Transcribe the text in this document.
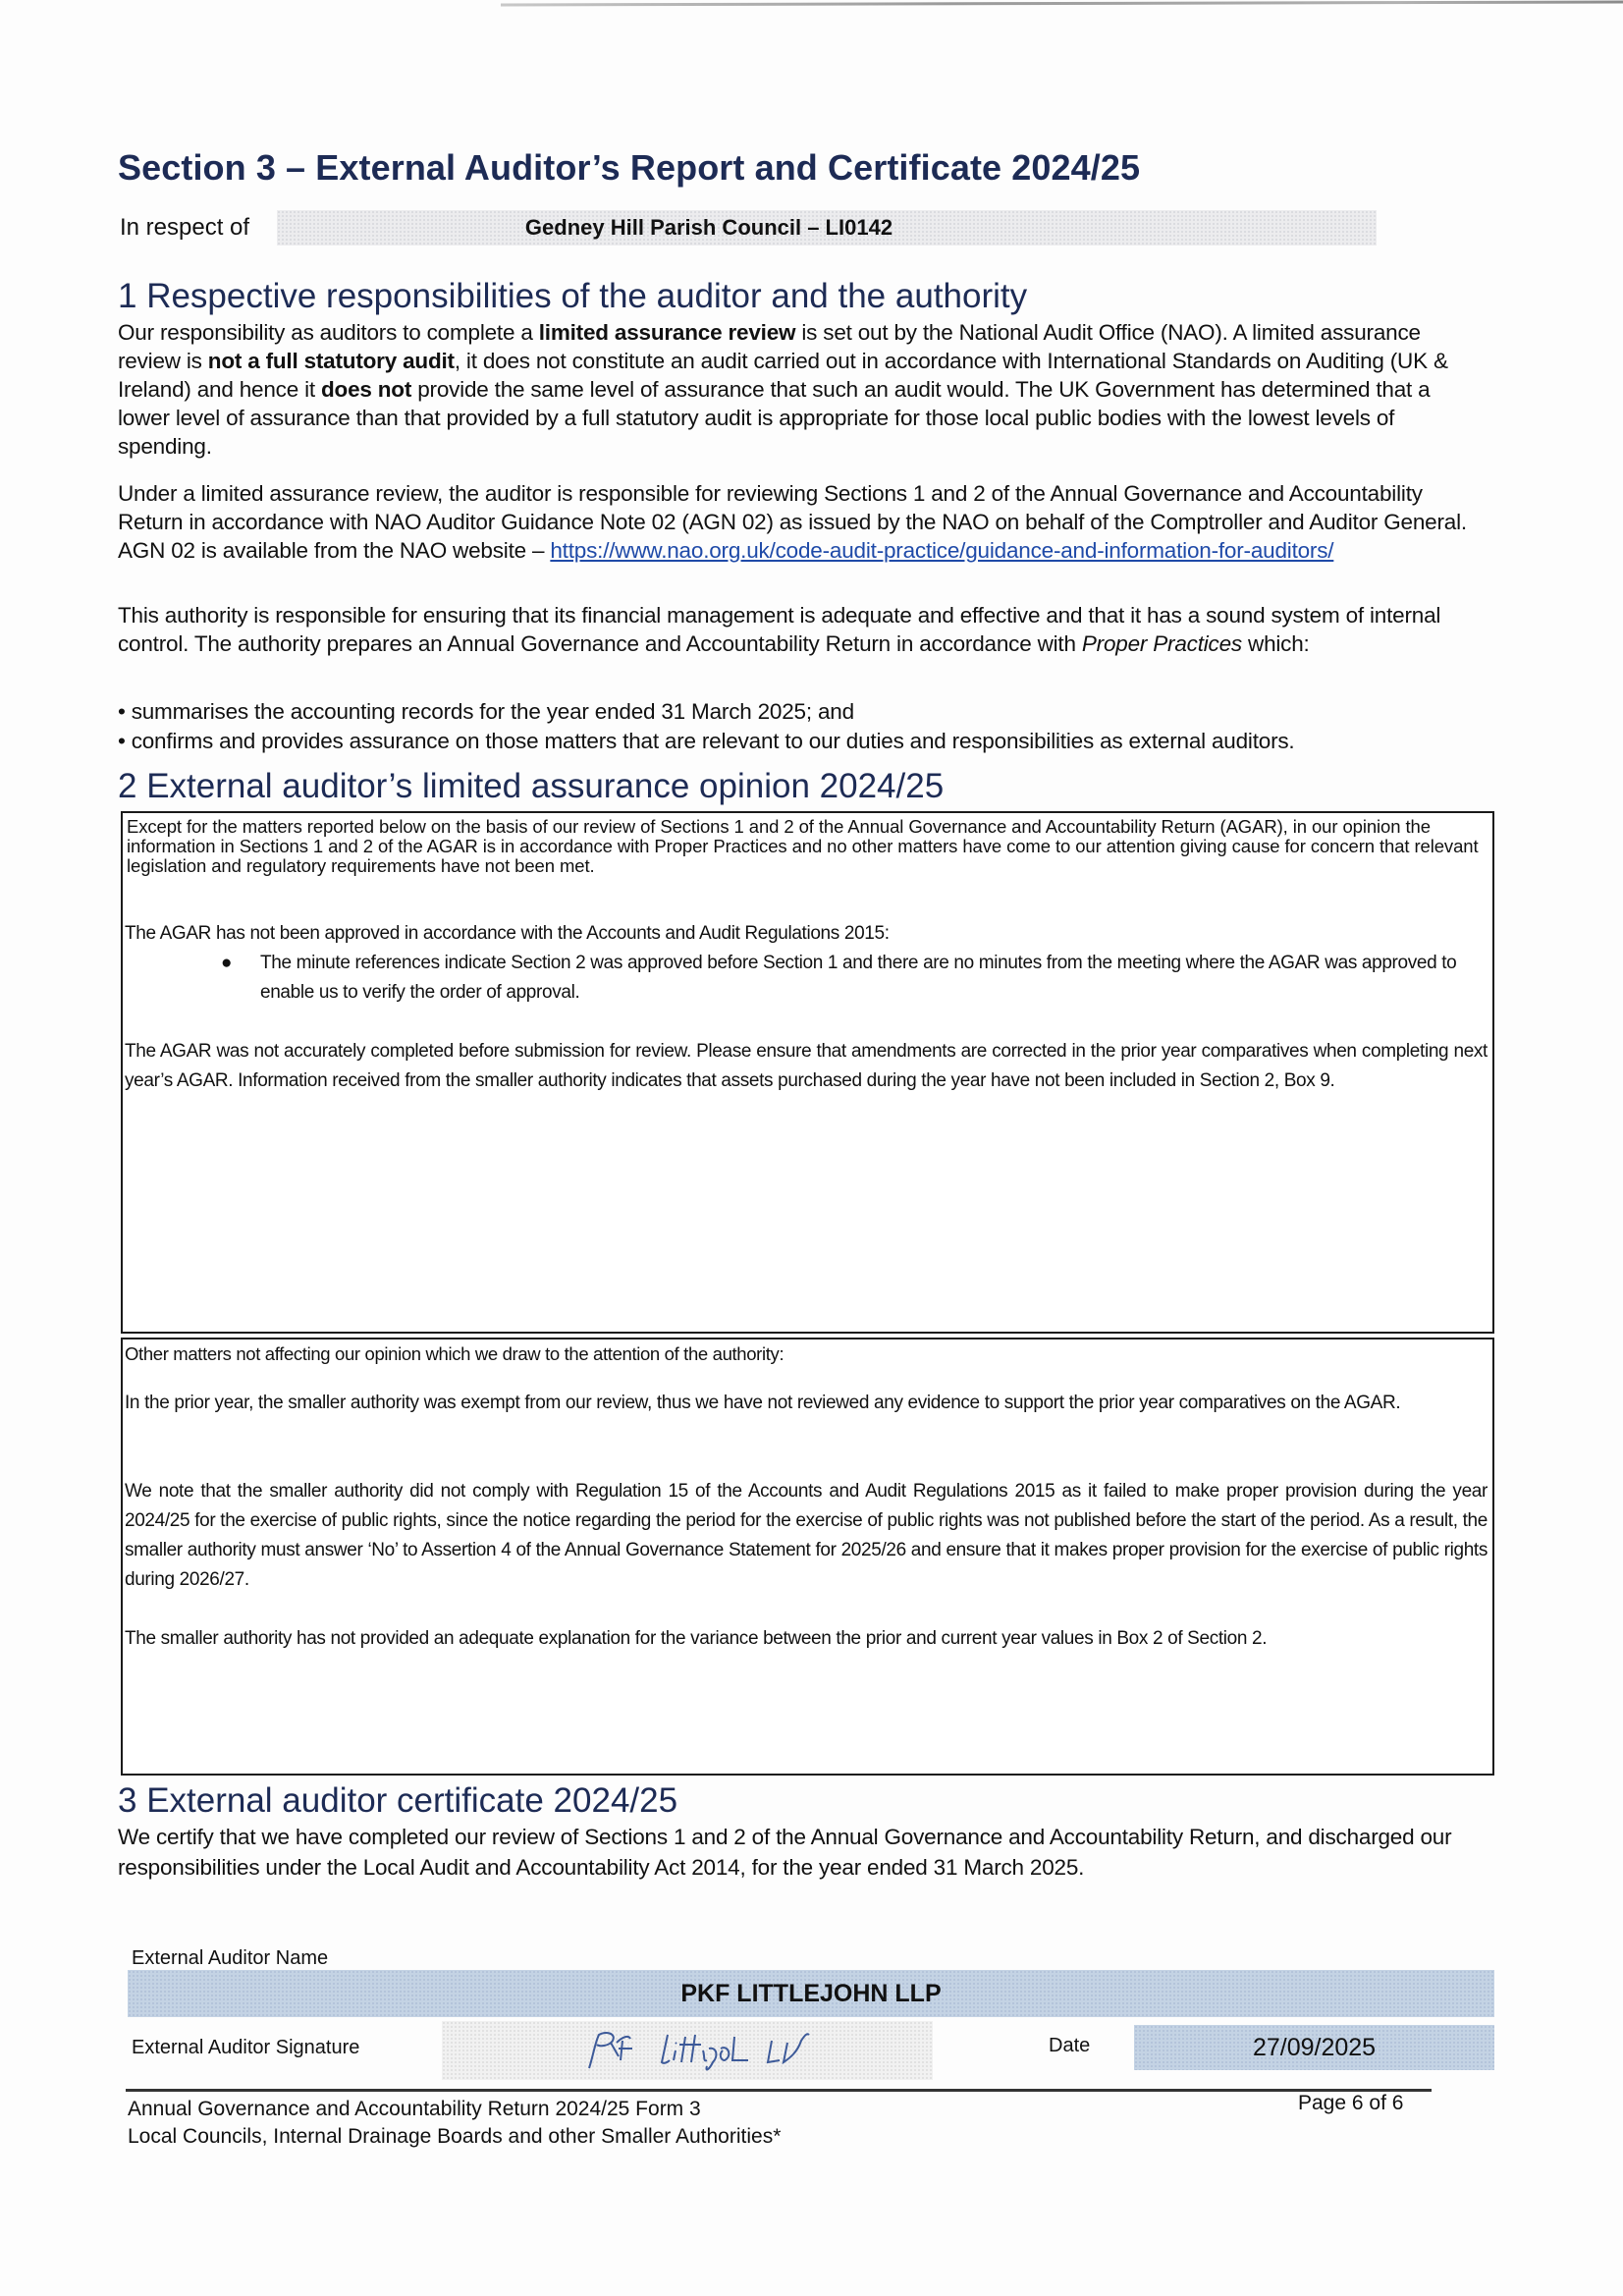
Section 3 – External Auditor’s Report and Certificate 2024/25
In respect of	Gedney Hill Parish Council – LI0142
1 Respective responsibilities of the auditor and the authority

Our responsibility as auditors to complete a limited assurance review is set out by the National Audit Office (NAO). A limited assurance review is not a full statutory audit, it does not constitute an audit carried out in accordance with International Standards on Auditing (UK & Ireland) and hence it does not provide the same level of assurance that such an audit would. The UK Government has determined that a lower level of assurance than that provided by a full statutory audit is appropriate for those local public bodies with the lowest levels of spending.

Under a limited assurance review, the auditor is responsible for reviewing Sections 1 and 2 of the Annual Governance and Accountability Return in accordance with NAO Auditor Guidance Note 02 (AGN 02) as issued by the NAO on behalf of the Comptroller and Auditor General. AGN 02 is available from the NAO website – https://www.nao.org.uk/code-audit-practice/guidance-and-information-for-auditors/

This authority is responsible for ensuring that its financial management is adequate and effective and that it has a sound system of internal control. The authority prepares an Annual Governance and Accountability Return in accordance with Proper Practices which:

• summarises the accounting records for the year ended 31 March 2025; and
• confirms and provides assurance on those matters that are relevant to our duties and responsibilities as external auditors.
2 External auditor’s limited assurance opinion 2024/25
Except for the matters reported below on the basis of our review of Sections 1 and 2 of the Annual Governance and Accountability Return (AGAR), in our opinion the information in Sections 1 and 2 of the AGAR is in accordance with Proper Practices and no other matters have come to our attention giving cause for concern that relevant legislation and regulatory requirements have not been met.
The AGAR has not been approved in accordance with the Accounts and Audit Regulations 2015:
● The minute references indicate Section 2 was approved before Section 1 and there are no minutes from the meeting where the AGAR was approved to enable us to verify the order of approval.
The AGAR was not accurately completed before submission for review. Please ensure that amendments are corrected in the prior year comparatives when completing next year’s AGAR. Information received from the smaller authority indicates that assets purchased during the year have not been included in Section 2, Box 9.
Other matters not affecting our opinion which we draw to the attention of the authority:
In the prior year, the smaller authority was exempt from our review, thus we have not reviewed any evidence to support the prior year comparatives on the AGAR.
We note that the smaller authority did not comply with Regulation 15 of the Accounts and Audit Regulations 2015 as it failed to make proper provision during the year 2024/25 for the exercise of public rights, since the notice regarding the period for the exercise of public rights was not published before the start of the period. As a result, the smaller authority must answer ‘No’ to Assertion 4 of the Annual Governance Statement for 2025/26 and ensure that it makes proper provision for the exercise of public rights during 2026/27.
The smaller authority has not provided an adequate explanation for the variance between the prior and current year values in Box 2 of Section 2.
3 External auditor certificate 2024/25

We certify that we have completed our review of Sections 1 and 2 of the Annual Governance and Accountability Return, and discharged our responsibilities under the Local Audit and Accountability Act 2014, for the year ended 31 March 2025.

External Auditor Name
PKF LITTLEJOHN LLP
External Auditor Signature	Date	27/09/2025
Annual Governance and Accountability Return 2024/25 Form 3
Local Councils, Internal Drainage Boards and other Smaller Authorities*
Page 6 of 6
